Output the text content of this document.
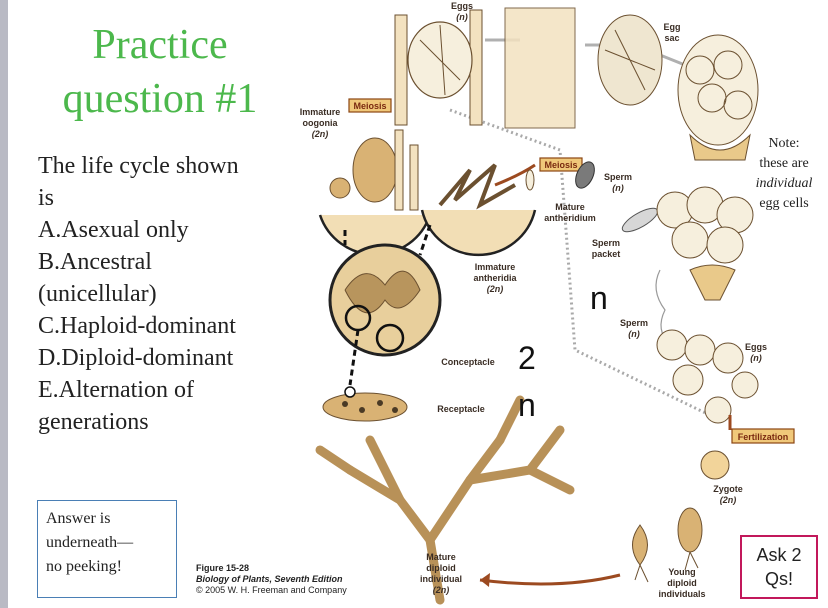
Practice
question #1
The life cycle shown
is
A.Asexual only
B.Ancestral
(unicellular)
C.Haploid-dominant
D.Diploid-dominant
E.Alternation of
generations
Answer is
underneath—
no peeking!	Figure 15-28
Biology of Plants, Seventh Edition
© 2005 W. H. Freeman and Company
Eggs
(n)
Egg
sac
Immature
oogonia
(2n)
Meiosis
Meiosis
Immature
antheridia
(2n)
Sperm
(n)
Mature
antheridium
Sperm
packet
Sperm
(n)
Conceptacle
Receptacle
Mature
diploid
individual
(2n)
Eggs
(n)
Fertilization
Zygote
(2n)
Young
diploid
individuals
Note:
these are
individual
egg cells
n
2
n
Ask 2
Qs!
